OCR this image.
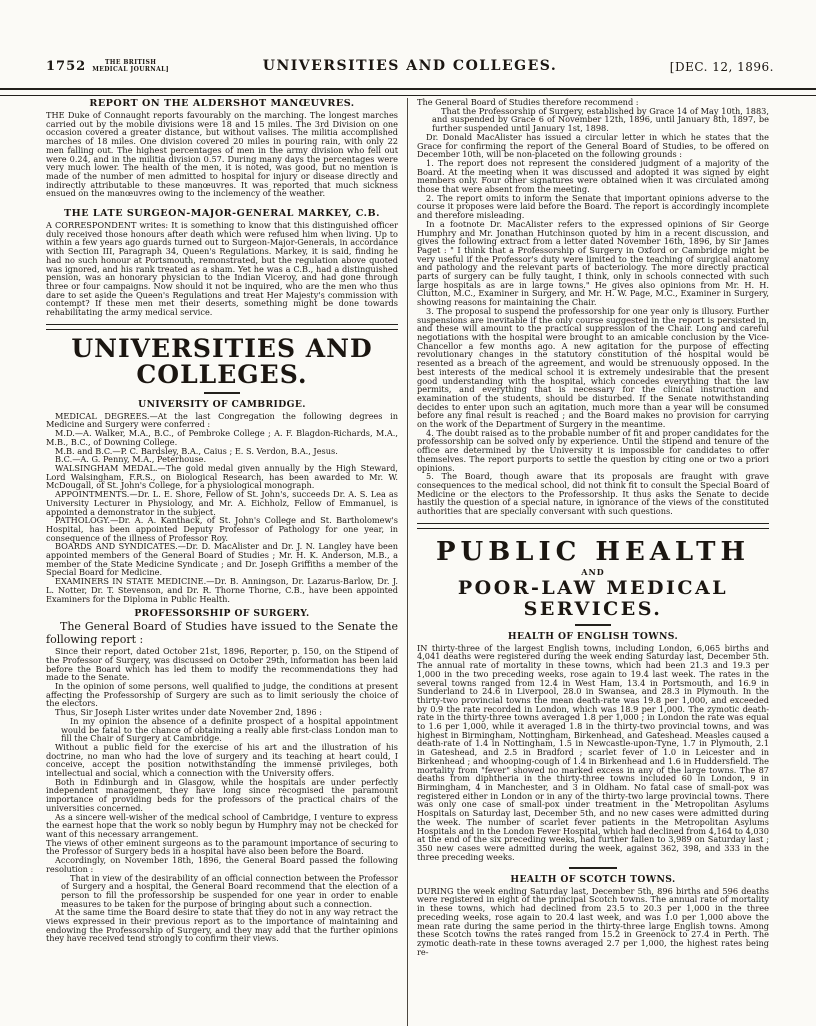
1752	THE BRITISH
MEDICAL JOURNAL]	UNIVERSITIES AND COLLEGES.	[DEC. 12, 1896.
REPORT ON THE ALDERSHOT MANŒUVRES.

THE Duke of Connaught reports favourably on the marching. The longest marches carried out by the mobile divisions were 18 and 15 miles. The 3rd Division on one occasion covered a greater distance, but without valises. The militia accomplished marches of 18 miles. One division covered 20 miles in pouring rain, with only 22 men falling out. The highest percentages of men in the army division who fell out were 0.24, and in the militia division 0.57. During many days the percentages were very much lower. The health of the men, it is noted, was good, but no mention is made of the number of men admitted to hospital for injury or disease directly and indirectly attributable to these manœuvres. It was reported that much sickness ensued on the manœuvres owing to the inclemency of the weather.

THE LATE SURGEON-MAJOR-GENERAL MARKEY, C.B.

A CORRESPONDENT writes: It is something to know that this distinguished officer duly received those honours after death which were refused him when living. Up to within a few years ago guards turned out to Surgeon-Major-Generals, in accordance with Section III, Paragraph 34, Queen's Regulations. Markey, it is said, finding he had no such honour at Portsmouth, remonstrated, but the regulation above quoted was ignored, and his rank treated as a sham. Yet he was a C.B., had a distinguished pension, was an honorary physician to the Indian Viceroy, and had gone through three or four campaigns. Now should it not be inquired, who are the men who thus dare to set aside the Queen's Regulations and treat Her Majesty's commission with contempt? If these men met their deserts, something might be done towards rehabilitating the army medical service.

UNIVERSITIES AND COLLEGES.
UNIVERSITY OF CAMBRIDGE.

MEDICAL DEGREES.—At the last Congregation the following degrees in Medicine and Surgery were conferred :

M.D.—A. Walker, M.A., B.C., of Pembroke College ; A. F. Blagdon-Richards, M.A., M.B., B.C., of Downing College.

M.B. and B.C.—P. C. Bardsley, B.A., Caius ; E. S. Verdon, B.A., Jesus.

B.C.—A. G. Penny, M.A., Peterhouse.

WALSINGHAM MEDAL.—The gold medal given annually by the High Steward, Lord Walsingham, F.R.S., on Biological Research, has been awarded to Mr. W. McDougall, of St. John's College, for a physiological monograph.

APPOINTMENTS.—Dr. L. E. Shore, Fellow of St. John's, succeeds Dr. A. S. Lea as University Lecturer in Physiology, and Mr. A. Eichholz, Fellow of Emmanuel, is appointed a demonstrator in the subject.

PATHOLOGY.—Dr. A. A. Kanthack, of St. John's College and St. Bartholomew's Hospital, has been appointed Deputy Professor of Pathology for one year, in consequence of the illness of Professor Roy.

BOARDS AND SYNDICATES.—Dr. D. MacAlister and Dr. J. N. Langley have been appointed members of the General Board of Studies ; Mr. H. K. Anderson, M.B., a member of the State Medicine Syndicate ; and Dr. Joseph Griffiths a member of the Special Board for Medicine.

EXAMINERS IN STATE MEDICINE.—Dr. B. Anningson, Dr. Lazarus-Barlow, Dr. J. L. Notter, Dr. T. Stevenson, and Dr. R. Thorne Thorne, C.B., have been appointed Examiners for the Diploma in Public Health.

PROFESSORSHIP OF SURGERY.

The General Board of Studies have issued to the Senate the following report :

Since their report, dated October 21st, 1896, Reporter, p. 150, on the Stipend of the Professor of Surgery, was discussed on October 29th, information has been laid before the Board which has led them to modify the recommendations they had made to the Senate.

In the opinion of some persons, well qualified to judge, the conditions at present affecting the Professorship of Surgery are such as to limit seriously the choice of the electors.

Thus, Sir Joseph Lister writes under date November 2nd, 1896 :

In my opinion the absence of a definite prospect of a hospital appointment would be fatal to the chance of obtaining a really able first-class London man to fill the Chair of Surgery at Cambridge.

Without a public field for the exercise of his art and the illustration of his doctrine, no man who had the love of surgery and its teaching at heart could, I conceive, accept the position notwithstanding the immense privileges, both intellectual and social, which a connection with the University offers.

Both in Edinburgh and in Glasgow, while the hospitals are under perfectly independent management, they have long since recognised the paramount importance of providing beds for the professors of the practical chairs of the universities concerned.

As a sincere well-wisher of the medical school of Cambridge, I venture to express the earnest hope that the work so nobly begun by Humphry may not be checked for want of this necessary arrangement.

The views of other eminent surgeons as to the paramount importance of securing to the Professor of Surgery beds in a hospital have also been before the Board.

Accordingly, on November 18th, 1896, the General Board passed the following resolution :

That in view of the desirability of an official connection between the Professor of Surgery and a hospital, the General Board recommend that the election of a person to fill the professorship be suspended for one year in order to enable measures to be taken for the purpose of bringing about such a connection.

At the same time the Board desire to state that they do not in any way retract the views expressed in their previous report as to the importance of maintaining and endowing the Professorship of Surgery, and they may add that the further opinions they have received tend strongly to confirm their views.

The General Board of Studies therefore recommend :

That the Professorship of Surgery, established by Grace 14 of May 10th, 1883, and suspended by Grace 6 of November 12th, 1896, until January 8th, 1897, be further suspended until January 1st, 1898.

Dr. Donald MacAlister has issued a circular letter in which he states that the Grace for confirming the report of the General Board of Studies, to be offered on December 10th, will be non-placeted on the following grounds :

1. The report does not represent the considered judgment of a majority of the Board. At the meeting when it was discussed and adopted it was signed by eight members only. Four other signatures were obtained when it was circulated among those that were absent from the meeting.

2. The report omits to inform the Senate that important opinions adverse to the course it proposes were laid before the Board. The report is accordingly incomplete and therefore misleading.

In a footnote Dr. MacAlister refers to the expressed opinions of Sir George Humphry and Mr. Jonathan Hutchinson quoted by him in a recent discussion, and gives the following extract from a letter dated November 16th, 1896, by Sir James Paget : " I think that a Professorship of Surgery in Oxford or Cambridge might be very useful if the Professor's duty were limited to the teaching of surgical anatomy and pathology and the relevant parts of bacteriology. The more directly practical parts of surgery can be fully taught, I think, only in schools connected with such large hospitals as are in large towns." He gives also opinions from Mr. H. H. Clutton, M.C., Examiner in Surgery, and Mr. H. W. Page, M.C., Examiner in Surgery, showing reasons for maintaining the Chair.

3. The proposal to suspend the professorship for one year only is illusory. Further suspensions are inevitable if the only course suggested in the report is persisted in, and these will amount to the practical suppression of the Chair. Long and careful negotiations with the hospital were brought to an amicable conclusion by the Vice-Chancellor a few months ago. A new agitation for the purpose of effecting revolutionary changes in the statutory constitution of the hospital would be resented as a breach of the agreement, and would be strenuously opposed. In the best interests of the medical school it is extremely undesirable that the present good understanding with the hospital, which concedes everything that the law permits, and everything that is necessary for the clinical instruction and examination of the students, should be disturbed. If the Senate notwithstanding decides to enter upon such an agitation, much more than a year will be consumed before any final result is reached ; and the Board makes no provision for carrying on the work of the Department of Surgery in the meantime.

4. The doubt raised as to the probable number of fit and proper candidates for the professorship can be solved only by experience. Until the stipend and tenure of the office are determined by the University it is impossible for candidates to offer themselves. The report purports to settle the question by citing one or two a priori opinions.

5. The Board, though aware that its proposals are fraught with grave consequences to the medical school, did not think fit to consult the Special Board of Medicine or the electors to the Professorship. It thus asks the Senate to decide hastily the question of a special nature, in ignorance of the views of the constituted authorities that are specially conversant with such questions.

PUBLIC HEALTH
AND
POOR-LAW MEDICAL SERVICES.
HEALTH OF ENGLISH TOWNS.

IN thirty-three of the largest English towns, including London, 6,065 births and 4,041 deaths were registered during the week ending Saturday last, December 5th. The annual rate of mortality in these towns, which had been 21.3 and 19.3 per 1,000 in the two preceding weeks, rose again to 19.4 last week. The rates in the several towns ranged from 12.4 in West Ham, 13.4 in Portsmouth, and 16.9 in Sunderland to 24.6 in Liverpool, 28.0 in Swansea, and 28.3 in Plymouth. In the thirty-two provincial towns the mean death-rate was 19.8 per 1,000, and exceeded by 0.9 the rate recorded in London, which was 18.9 per 1,000. The zymotic death-rate in the thirty-three towns averaged 1.8 per 1,000 ; in London the rate was equal to 1.6 per 1,000, while it averaged 1.8 in the thirty-two provincial towns, and was highest in Birmingham, Nottingham, Birkenhead, and Gateshead. Measles caused a death-rate of 1.4 in Nottingham, 1.5 in Newcastle-upon-Tyne, 1.7 in Plymouth, 2.1 in Gateshead, and 2.5 in Bradford ; scarlet fever of 1.0 in Leicester and in Birkenhead ; and whooping-cough of 1.4 in Birkenhead and 1.6 in Huddersfield. The mortality from "fever" showed no marked excess in any of the large towns. The 87 deaths from diphtheria in the thirty-three towns included 60 in London, 9 in Birmingham, 4 in Manchester, and 3 in Oldham. No fatal case of small-pox was registered either in London or in any of the thirty-two large provincial towns. There was only one case of small-pox under treatment in the Metropolitan Asylums Hospitals on Saturday last, December 5th, and no new cases were admitted during the week. The number of scarlet fever patients in the Metropolitan Asylums Hospitals and in the London Fever Hospital, which had declined from 4,164 to 4,030 at the end of the six preceding weeks, had further fallen to 3,989 on Saturday last ; 350 new cases were admitted during the week, against 362, 398, and 333 in the three preceding weeks.

HEALTH OF SCOTCH TOWNS.

DURING the week ending Saturday last, December 5th, 896 births and 596 deaths were registered in eight of the principal Scotch towns. The annual rate of mortality in these towns, which had declined from 23.5 to 20.3 per 1,000 in the three preceding weeks, rose again to 20.4 last week, and was 1.0 per 1,000 above the mean rate during the same period in the thirty-three large English towns. Among these Scotch towns the rates ranged from 15.2 in Greenock to 27.4 in Perth. The zymotic death-rate in these towns averaged 2.7 per 1,000, the highest rates being re-
